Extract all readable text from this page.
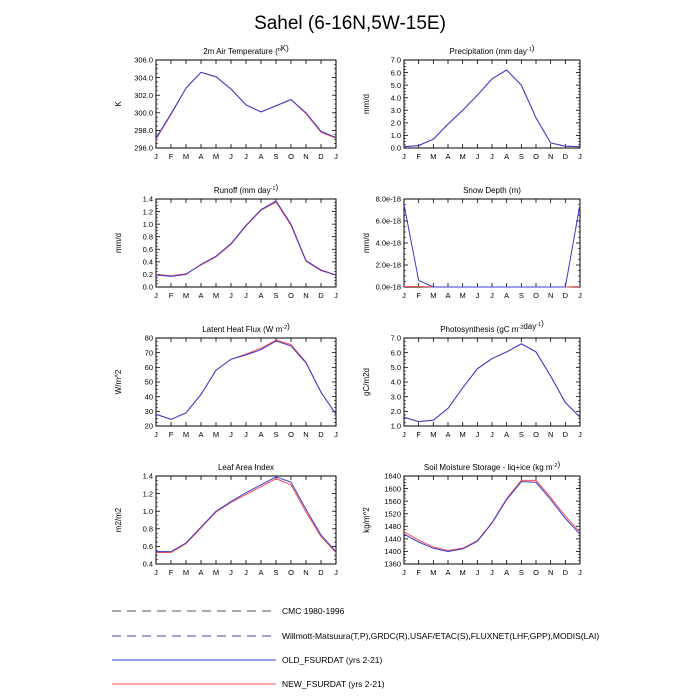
Sahel (6-16N,5W-15E)
2m Air Temperature ($^o$K)
296.0
298.0
300.0
302.0
304.0
306.0
J F M A M J J A S O N D J
K
Precipitation (mm day$^{-1}$)
0.0
1.0
2.0
3.0
4.0
5.0
6.0
7.0
J F M A M J J A S O N D J
mm/d
Runoff (mm day$^{-1}$)
0.0
0.2
0.4
0.6
0.8
1.0
1.2
1.4
J F M A M J J A S O N D J
mm/d
Snow Depth (m)
0.0e-18
2.0e-18
4.0e-18
6.0e-18
8.0e-18
J F M A M J J A S O N D J
mm/d
Latent Heat Flux (W $m^{-2}$)
20
30
40
50
60
70
80
J F M A M J J A S O N D J
W/m^2
Photosynthesis (gC $m^{-2}day^{-1}$)
1.0
2.0
3.0
4.0
5.0
6.0
7.0
J F M A M J J A S O N D J
gC/m2d
Leaf Area Index
0.4
0.6
0.8
1.0
1.2
1.4
J F M A M J J A S O N D J
m2/m2
Soil Moisture Storage - liq+ice (kg $m^{-2}$)
1360
1400
1440
1480
1520
1560
1600
1640
J F M A M J J A S O N D J
kg/m^2
CMC 1980-1996
Willmott-Matsuura(T,P),GRDC(R),USAF/ETAC(S),FLUXNET(LHF,GPP),MODIS(LAI)
OLD_FSURDAT (yrs 2-21)
NEW_FSURDAT (yrs 2-21)
